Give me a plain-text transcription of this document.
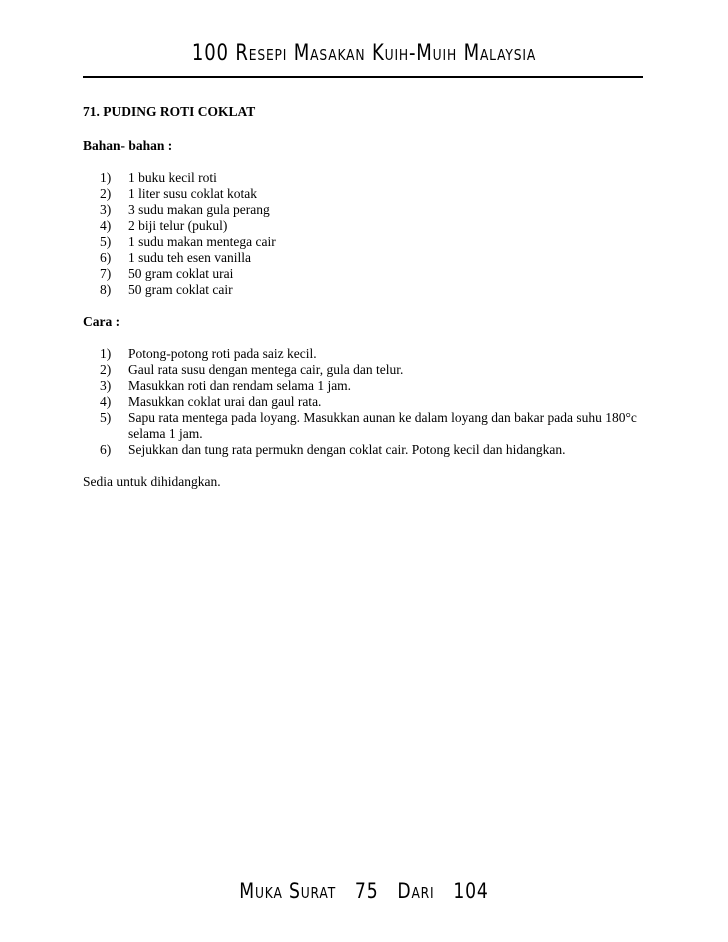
100 Resepi Masakan Kuih-Muih Malaysia
71. PUDING ROTI COKLAT
Bahan- bahan :
1)	1 buku kecil roti
2)	1 liter susu coklat kotak
3)	3 sudu makan gula perang
4)	2 biji telur (pukul)
5)	1 sudu makan mentega cair
6)	1 sudu teh esen vanilla
7)	50 gram coklat urai
8)	50 gram coklat cair
Cara :
1)	Potong-potong roti pada saiz kecil.
2)	Gaul rata susu dengan mentega cair, gula dan telur.
3)	Masukkan roti dan rendam selama 1 jam.
4)	Masukkan coklat urai dan gaul rata.
5)	Sapu rata mentega pada loyang. Masukkan aunan ke dalam loyang dan bakar pada suhu 180°c selama 1 jam.
6)	Sejukkan dan tung rata permukn dengan coklat cair. Potong kecil dan hidangkan.
Sedia untuk dihidangkan.
Muka Surat 75 Dari 104
